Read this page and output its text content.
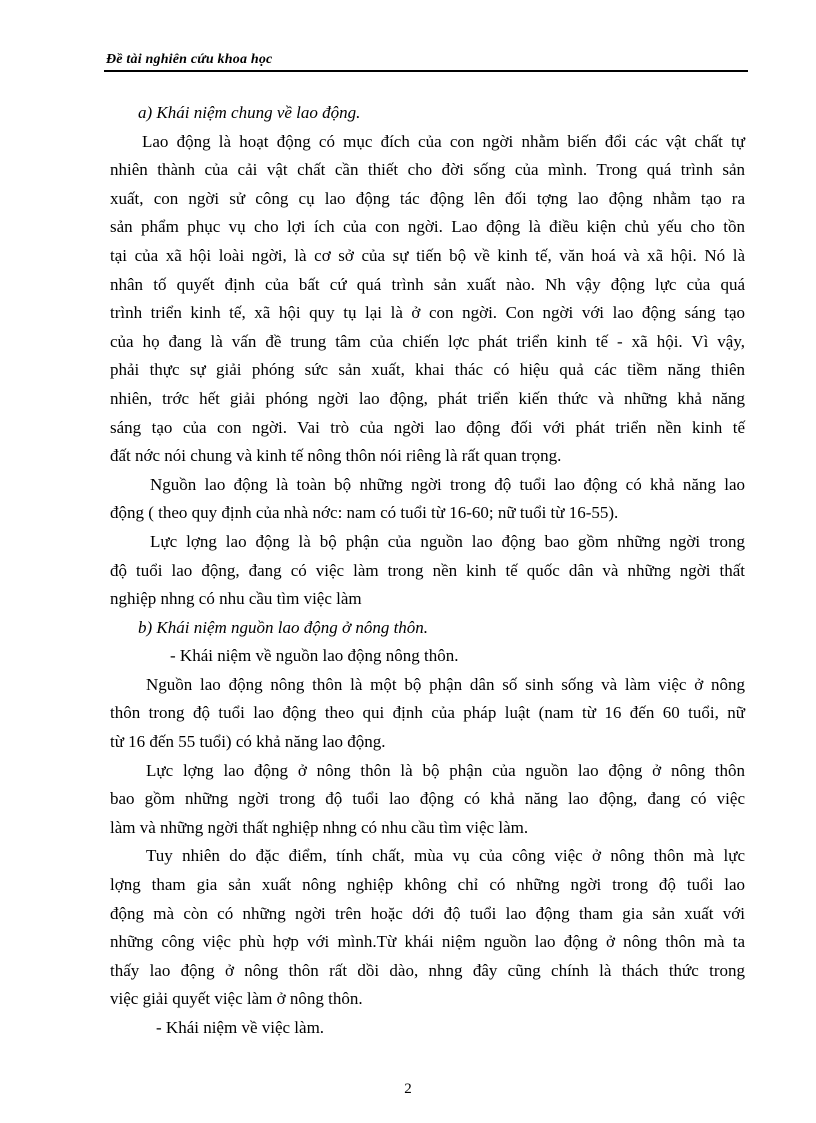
Đề tài nghiên cứu khoa học
a) Khái niệm chung về lao động.
Lao động là hoạt động có mục đích của con ngời nhằm biến đổi các vật chất tự
nhiên thành của cải vật chất cần thiết cho đời sống của mình. Trong quá trình sản
xuất, con ngời sử công cụ lao động tác động lên đối tợng lao động nhằm tạo ra
sản phẩm phục vụ cho lợi ích của con ngời. Lao động là điều kiện chủ yếu cho tồn
tại của xã hội loài ngời, là cơ sở của sự tiến bộ về kinh tế, văn hoá và xã hội. Nó là
nhân tố quyết định của bất cứ quá trình sản xuất nào. Nh vậy động lực của quá
trình triển kinh tế, xã hội quy tụ lại là ở con ngời. Con ngời với lao động sáng tạo
của họ đang là vấn đề trung tâm của chiến lợc phát triển kinh tế - xã hội. Vì vậy,
phải thực sự giải phóng sức sản xuất, khai thác có hiệu quả các tiềm năng thiên
nhiên, trớc hết giải phóng ngời lao động, phát triển kiến thức và những khả năng
sáng tạo của con ngời. Vai trò của ngời lao động đối với phát triển nền kinh tế
đất nớc nói chung và kinh tế nông thôn nói riêng là rất quan trọng.
Nguồn lao động là toàn bộ những ngời trong độ tuổi lao động có khả năng lao
động ( theo quy định của nhà nớc: nam có tuổi từ 16-60; nữ tuổi từ 16-55).
Lực lợng lao động là bộ phận của nguồn lao động bao gồm những ngời trong
độ tuổi lao động, đang có việc làm trong nền kinh tế quốc dân và những ngời thất
nghiệp nhng có nhu cầu tìm việc làm
b) Khái niệm nguồn lao động ở nông thôn.
- Khái niệm về nguồn lao động nông thôn.
Nguồn lao động nông thôn là một bộ phận dân số sinh sống và làm việc ở nông
thôn trong độ tuổi lao động theo qui định của pháp luật (nam từ 16 đến 60 tuổi, nữ
từ 16 đến 55 tuổi) có khả năng lao động.
Lực lợng lao động ở nông thôn là bộ phận của nguồn lao động ở nông thôn
bao gồm những ngời trong độ tuổi lao động có khả năng lao động, đang có việc
làm và những ngời thất nghiệp nhng có nhu cầu tìm việc làm.
Tuy nhiên do đặc điểm, tính chất, mùa vụ của công việc ở nông thôn mà lực
lợng tham gia sản xuất nông nghiệp không chỉ có những ngời trong độ tuổi lao
động mà còn có những ngời trên hoặc dới độ tuổi lao động tham gia sản xuất với
những công việc phù hợp với mình.Từ khái niệm nguồn lao động ở nông thôn mà ta
thấy lao động ở nông thôn rất dồi dào, nhng đây cũng chính là thách thức trong
việc giải quyết việc làm ở nông thôn.
- Khái niệm về việc làm.
2
